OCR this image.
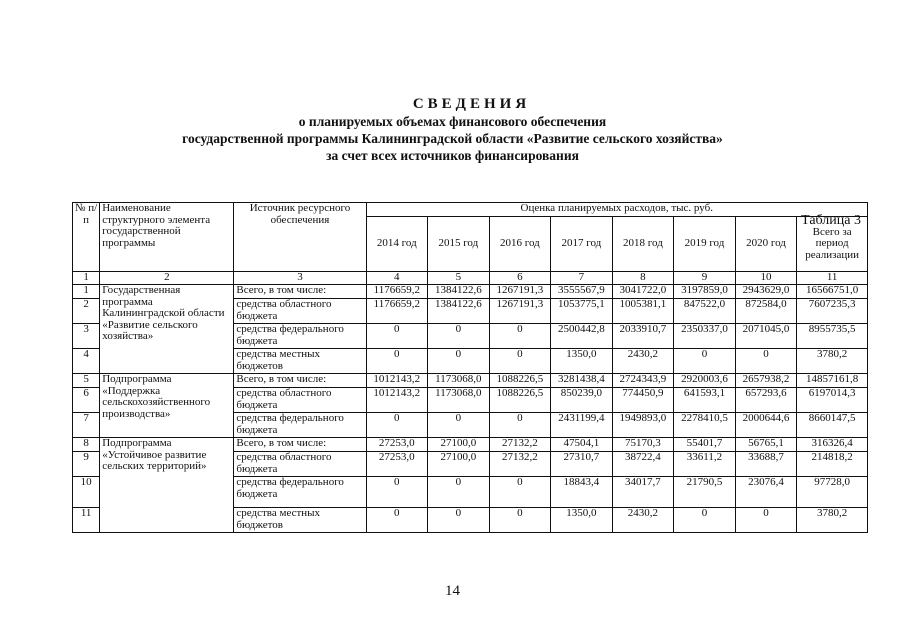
СВЕДЕНИЯ
о планируемых объемах финансового обеспечения
государственной программы Калининградской области «Развитие сельского хозяйства»
за счет всех источников финансирования
Таблица 3
№ п/п	Наименование структурного элемента государственной программы	Источник ресурсного обеспечения	Оценка планируемых расходов, тыс. руб.							
			2014 год	2015 год	2016 год	2017 год	2018 год	2019 год	2020 год	Всего за период реализации
1	2	3	4	5	6	7	8	9	10	11
1	Государственная программа Калининградской области «Развитие сельского хозяйства»	Всего, в том числе:	1176659,2	1384122,6	1267191,3	3555567,9	3041722,0	3197859,0	2943629,0	16566751,0
2		средства областного бюджета	1176659,2	1384122,6	1267191,3	1053775,1	1005381,1	847522,0	872584,0	7607235,3
3		средства федерального бюджета	0	0	0	2500442,8	2033910,7	2350337,0	2071045,0	8955735,5
4		средства местных бюджетов	0	0	0	1350,0	2430,2	0	0	3780,2
5	Подпрограмма «Поддержка сельскохозяйственного производства»	Всего, в том числе:	1012143,2	1173068,0	1088226,5	3281438,4	2724343,9	2920003,6	2657938,2	14857161,8
6		средства областного бюджета	1012143,2	1173068,0	1088226,5	850239,0	774450,9	641593,1	657293,6	6197014,3
7		средства федерального бюджета	0	0	0	2431199,4	1949893,0	2278410,5	2000644,6	8660147,5
8	Подпрограмма «Устойчивое развитие сельских территорий»	Всего, в том числе:	27253,0	27100,0	27132,2	47504,1	75170,3	55401,7	56765,1	316326,4
9		средства областного бюджета	27253,0	27100,0	27132,2	27310,7	38722,4	33611,2	33688,7	214818,2
10		средства федерального бюджета	0	0	0	18843,4	34017,7	21790,5	23076,4	97728,0
11		средства местных бюджетов	0	0	0	1350,0	2430,2	0	0	3780,2
14
